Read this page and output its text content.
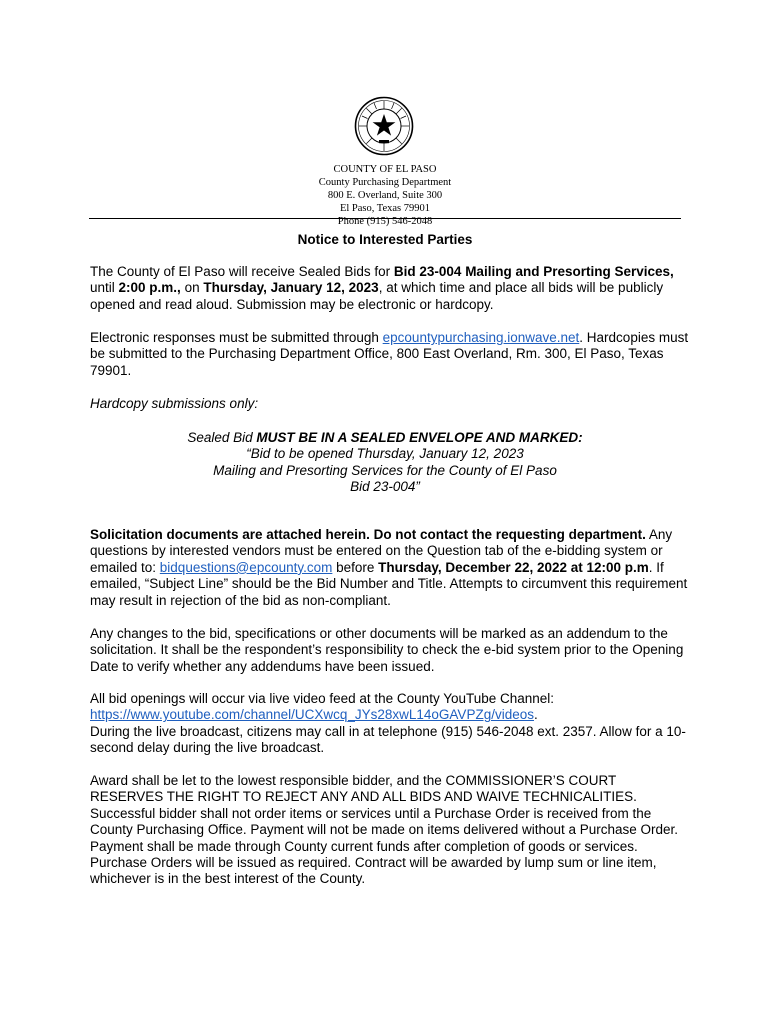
COUNTY OF EL PASO
County Purchasing Department
800 E. Overland, Suite 300
El Paso, Texas 79901
Phone (915) 546-2048
Notice to Interested Parties

The County of El Paso will receive Sealed Bids for Bid 23-004 Mailing and Presorting Services, until 2:00 p.m., on Thursday, January 12, 2023, at which time and place all bids will be publicly opened and read aloud. Submission may be electronic or hardcopy.

Electronic responses must be submitted through epcountypurchasing.ionwave.net. Hardcopies must be submitted to the Purchasing Department Office, 800 East Overland, Rm. 300, El Paso, Texas 79901.

Hardcopy submissions only:

Sealed Bid MUST BE IN A SEALED ENVELOPE AND MARKED:
“Bid to be opened Thursday, January 12, 2023
Mailing and Presorting Services for the County of El Paso
Bid 23-004”

Solicitation documents are attached herein. Do not contact the requesting department. Any questions by interested vendors must be entered on the Question tab of the e-bidding system or emailed to: bidquestions@epcounty.com before Thursday, December 22, 2022 at 12:00 p.m. If emailed, “Subject Line” should be the Bid Number and Title. Attempts to circumvent this requirement may result in rejection of the bid as non-compliant.

Any changes to the bid, specifications or other documents will be marked as an addendum to the solicitation. It shall be the respondent’s responsibility to check the e-bid system prior to the Opening Date to verify whether any addendums have been issued.

All bid openings will occur via live video feed at the County YouTube Channel: https://www.youtube.com/channel/UCXwcq_JYs28xwL14oGAVPZg/videos.
During the live broadcast, citizens may call in at telephone (915) 546-2048 ext. 2357. Allow for a 10-second delay during the live broadcast.

Award shall be let to the lowest responsible bidder, and the COMMISSIONER’S COURT RESERVES THE RIGHT TO REJECT ANY AND ALL BIDS AND WAIVE TECHNICALITIES. Successful bidder shall not order items or services until a Purchase Order is received from the County Purchasing Office. Payment will not be made on items delivered without a Purchase Order. Payment shall be made through County current funds after completion of goods or services. Purchase Orders will be issued as required. Contract will be awarded by lump sum or line item, whichever is in the best interest of the County.
